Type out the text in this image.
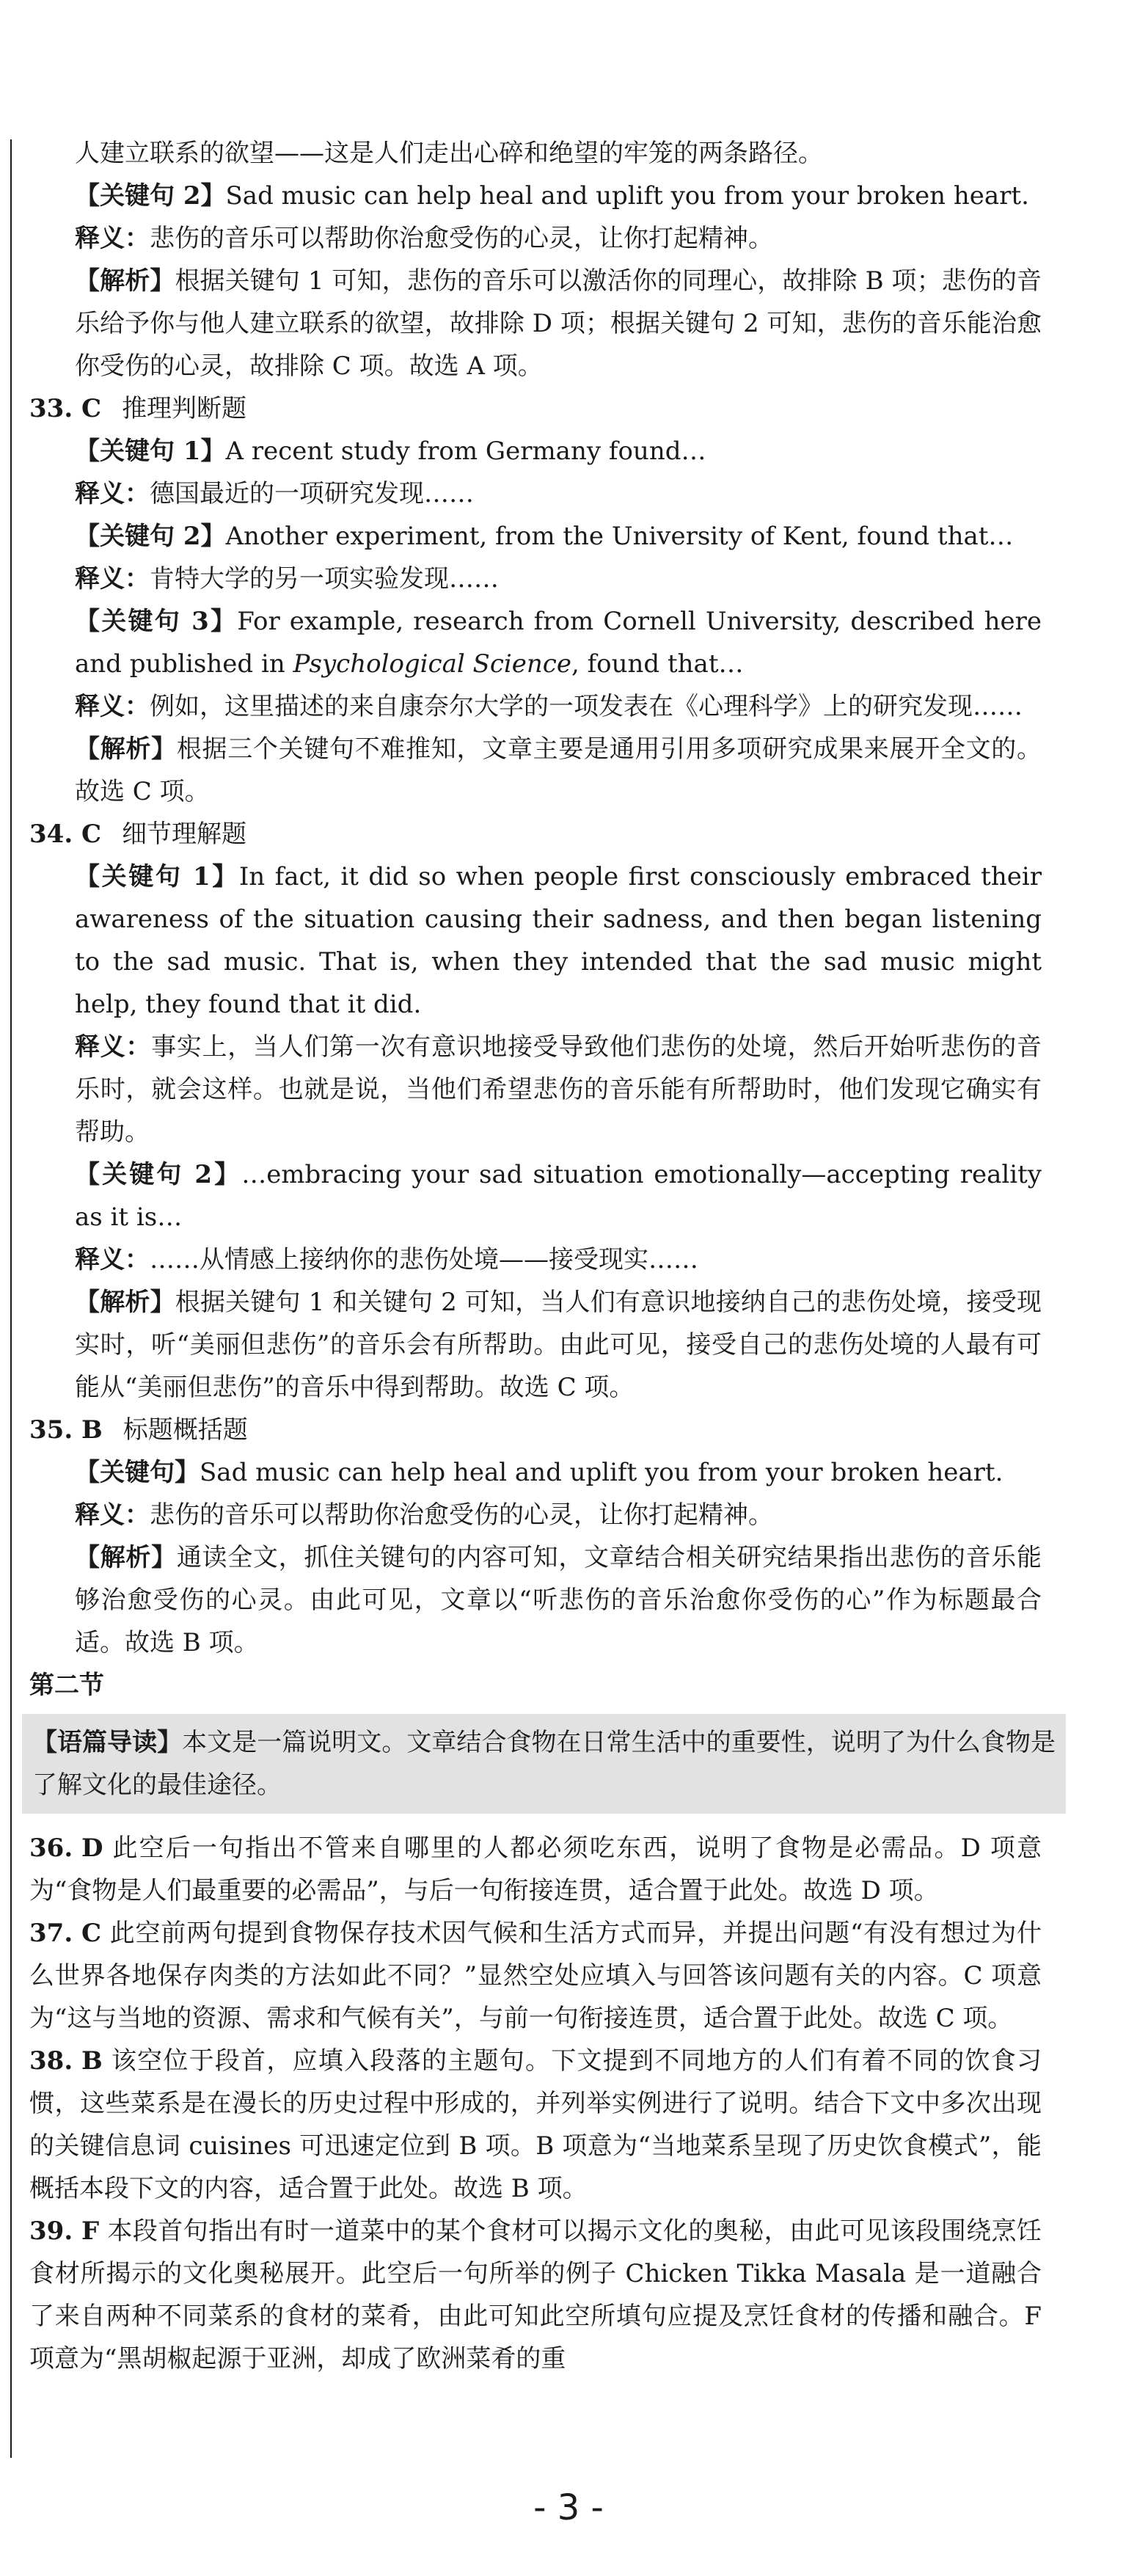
人建立联系的欲望——这是人们走出心碎和绝望的牢笼的两条路径。

【关键句 2】Sad music can help heal and uplift you from your broken heart.

释义：悲伤的音乐可以帮助你治愈受伤的心灵，让你打起精神。

【解析】根据关键句 1 可知，悲伤的音乐可以激活你的同理心，故排除 B 项；悲伤的音乐给予你与他人建立联系的欲望，故排除 D 项；根据关键句 2 可知，悲伤的音乐能治愈你受伤的心灵，故排除 C 项。故选 A 项。

33. C 推理判断题

【关键句 1】A recent study from Germany found…

释义：德国最近的一项研究发现……

【关键句 2】Another experiment, from the University of Kent, found that…

释义：肯特大学的另一项实验发现……

【关键句 3】For example, research from Cornell University, described here and published in Psychological Science, found that…

释义：例如，这里描述的来自康奈尔大学的一项发表在《心理科学》上的研究发现……

【解析】根据三个关键句不难推知，文章主要是通用引用多项研究成果来展开全文的。故选 C 项。

34. C 细节理解题

【关键句 1】In fact, it did so when people first consciously embraced their awareness of the situation causing their sadness, and then began listening to the sad music. That is, when they intended that the sad music might help, they found that it did.

释义：事实上，当人们第一次有意识地接受导致他们悲伤的处境，然后开始听悲伤的音乐时，就会这样。也就是说，当他们希望悲伤的音乐能有所帮助时，他们发现它确实有帮助。

【关键句 2】…embracing your sad situation emotionally—accepting reality as it is…

释义：……从情感上接纳你的悲伤处境——接受现实……

【解析】根据关键句 1 和关键句 2 可知，当人们有意识地接纳自己的悲伤处境，接受现实时，听“美丽但悲伤”的音乐会有所帮助。由此可见，接受自己的悲伤处境的人最有可能从“美丽但悲伤”的音乐中得到帮助。故选 C 项。

35. B 标题概括题

【关键句】Sad music can help heal and uplift you from your broken heart.

释义：悲伤的音乐可以帮助你治愈受伤的心灵，让你打起精神。

【解析】通读全文，抓住关键句的内容可知，文章结合相关研究结果指出悲伤的音乐能够治愈受伤的心灵。由此可见，文章以“听悲伤的音乐治愈你受伤的心”作为标题最合适。故选 B 项。

第二节

【语篇导读】本文是一篇说明文。文章结合食物在日常生活中的重要性，说明了为什么食物是了解文化的最佳途径。

36. D 此空后一句指出不管来自哪里的人都必须吃东西，说明了食物是必需品。D 项意为“食物是人们最重要的必需品”，与后一句衔接连贯，适合置于此处。故选 D 项。

37. C 此空前两句提到食物保存技术因气候和生活方式而异，并提出问题“有没有想过为什么世界各地保存肉类的方法如此不同？”显然空处应填入与回答该问题有关的内容。C 项意为“这与当地的资源、需求和气候有关”，与前一句衔接连贯，适合置于此处。故选 C 项。

38. B 该空位于段首，应填入段落的主题句。下文提到不同地方的人们有着不同的饮食习惯，这些菜系是在漫长的历史过程中形成的，并列举实例进行了说明。结合下文中多次出现的关键信息词 cuisines 可迅速定位到 B 项。B 项意为“当地菜系呈现了历史饮食模式”，能概括本段下文的内容，适合置于此处。故选 B 项。

39. F 本段首句指出有时一道菜中的某个食材可以揭示文化的奥秘，由此可见该段围绕烹饪食材所揭示的文化奥秘展开。此空后一句所举的例子 Chicken Tikka Masala 是一道融合了来自两种不同菜系的食材的菜肴，由此可知此空所填句应提及烹饪食材的传播和融合。F 项意为“黑胡椒起源于亚洲，却成了欧洲菜肴的重

- 3 -
